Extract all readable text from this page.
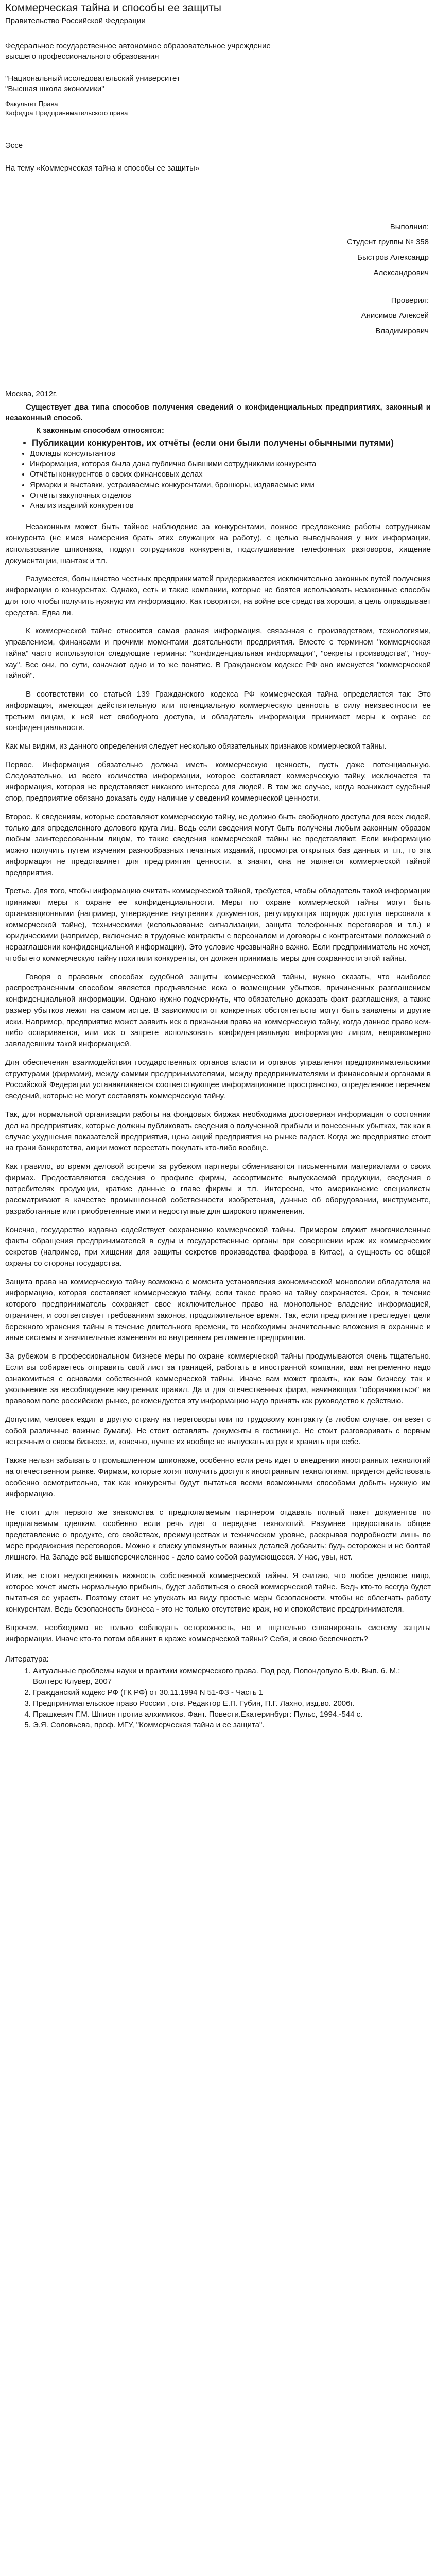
Коммерческая тайна и способы ее защиты

Правительство Российской Федерации

Федеральное государственное автономное образовательное учреждение

высшего профессионального образования

"Национальный исследовательский университет

"Высшая школа экономики"

Факультет Права

Кафедра Предпринимательского права

Эссе

На тему «Коммерческая тайна и способы ее защиты»

Выполнил:

Студент группы № 358

Быстров Александр

Александрович

Проверил:

Анисимов Алексей

Владимирович

Москва, 2012г.

Существует два типа способов получения сведений о конфиденциальных предприятиях, законный и незаконный способ.

К законным способам относятся:

• Публикации конкурентов, их отчёты (если они были получены обычными путями)
• Доклады консультантов
• Информация, которая была дана публично бывшими сотрудниками конкурента
• Отчёты конкурентов о своих финансовых делах
• Ярмарки и выставки, устраиваемые конкурентами, брошюры, издаваемые ими
• Отчёты закупочных отделов
• Анализ изделий конкурентов

Незаконным может быть тайное наблюдение за конкурентами, ложное предложение работы сотрудникам конкурента (не имея намерения брать этих служащих на работу), с целью выведывания у них информации, использование шпионажа, подкуп сотрудников конкурента, подслушивание телефонных разговоров, хищение документации, шантаж и т.п.

Разумеется, большинство честных предприниматей придерживается исключительно законных путей получения информации о конкурентах. Однако, есть и такие компании, которые не боятся использовать незаконные способы для того чтобы получить нужную им информацию. Как говорится, на войне все средства хороши, а цель оправдывает средства. Едва ли.

К коммерческой тайне относится самая разная информация, связанная с производством, технологиями, управлением, финансами и прочими моментами деятельности предприятия. Вместе с термином "коммерческая тайна" часто используются следующие термины: "конфиденциальная информация", "секреты производства", "ноу-хау". Все они, по сути, означают одно и то же понятие. В Гражданском кодексе РФ оно именуется "коммерческой тайной".

В соответствии со статьей 139 Гражданского кодекса РФ коммерческая тайна определяется так: Это информация, имеющая действительную или потенциальную коммерческую ценность в силу неизвестности ее третьим лицам, к ней нет свободного доступа, и обладатель информации принимает меры к охране ее конфиденциальности.

Как мы видим, из данного определения следует несколько обязательных признаков коммерческой тайны.

Первое. Информация обязательно должна иметь коммерческую ценность, пусть даже потенциальную. Следовательно, из всего количества информации, которое составляет коммерческую тайну, исключается та информация, которая не представляет никакого интереса для людей. В том же случае, когда возникает судебный спор, предприятие обязано доказать суду наличие у сведений коммерческой ценности.

Второе. К сведениям, которые составляют коммерческую тайну, не должно быть свободного доступа для всех людей, только для определенного делового круга лиц. Ведь если сведения могут быть получены любым законным образом любым заинтересованным лицом, то такие сведения коммерческой тайны не представляют. Если информацию можно получить путем изучения разнообразных печатных изданий, просмотра открытых баз данных и т.п., то эта информация не представляет для предприятия ценности, а значит, она не является коммерческой тайной предприятия.

Третье. Для того, чтобы информацию считать коммерческой тайной, требуется, чтобы обладатель такой информации принимал меры к охране ее конфиденциальности. Меры по охране коммерческой тайны могут быть организационными (например, утверждение внутренних документов, регулирующих порядок доступа персонала к коммерческой тайне), техническими (использование сигнализации, защита телефонных переговоров и т.п.) и юридическими (например, включение в трудовые контракты с персоналом и договоры с контрагентами положений о неразглашении конфиденциальной информации). Это условие чрезвычайно важно. Если предприниматель не хочет, чтобы его коммерческую тайну похитили конкуренты, он должен принимать меры для сохранности этой тайны.

Говоря о правовых способах судебной защиты коммерческой тайны, нужно сказать, что наиболее распространенным способом является предъявление иска о возмещении убытков, причиненных разглашением конфиденциальной информации. Однако нужно подчеркнуть, что обязательно доказать факт разглашения, а также размер убытков лежит на самом истце. В зависимости от конкретных обстоятельств могут быть заявлены и другие иски. Например, предприятие может заявить иск о признании права на коммерческую тайну, когда данное право кем-либо оспаривается, или иск о запрете использовать конфиденциальную информацию лицом, неправомерно завладевшим такой информацией.

Для обеспечения взаимодействия государственных органов власти и органов управления предпринимательскими структурами (фирмами), между самими предпринимателями, между предпринимателями и финансовыми органами в Российской Федерации устанавливается соответствующее информационное пространство, определенное перечнем сведений, которые не могут составлять коммерческую тайну.

Так, для нормальной организации работы на фондовых биржах необходима достоверная информация о состоянии дел на предприятиях, которые должны публиковать сведения о полученной прибыли и понесенных убытках, так как в случае ухудшения показателей предприятия, цена акций предприятия на рынке падает. Когда же предприятие стоит на грани банкротства, акции может перестать покупать кто-либо вообще.

Как правило, во время деловой встречи за рубежом партнеры обмениваются письменными материалами о своих фирмах. Предоставляются сведения о профиле фирмы, ассортименте выпускаемой продукции, сведения о потребителях продукции, краткие данные о главе фирмы и т.п. Интересно, что американские специалисты рассматривают в качестве промышленной собственности изобретения, данные об оборудовании, инструменте, разработанные или приобретенные ими и недоступные для широкого применения.

Конечно, государство издавна содействует сохранению коммерческой тайны. Примером служит многочисленные факты обращения предпринимателей в суды и государственные органы при совершении краж их коммерческих секретов (например, при хищении для защиты секретов производства фарфора в Китае), а сущность ее общей охраны со стороны государства.

Защита права на коммерческую тайну возможна с момента установления экономической монополии обладателя на информацию, которая составляет коммерческую тайну, если такое право на тайну сохраняется. Срок, в течение которого предприниматель сохраняет свое исключительное право на монопольное владение информацией, ограничен, и соответствует требованиям законов, продолжительное время. Так, если предприятие преследует цели бережного хранения тайны в течение длительного времени, то необходимы значительные вложения в охранные и иные системы и значительные изменения во внутреннем регламенте предприятия.

За рубежом в профессиональном бизнесе меры по охране коммерческой тайны продумываются очень тщательно. Если вы собираетесь отправить свой лист за границей, работать в иностранной компании, вам непременно надо ознакомиться с основами собственной коммерческой тайны. Иначе вам может грозить, как вам бизнесу, так и увольнение за несоблюдение внутренних правил. Да и для отечественных фирм, начинающих "оборачиваться" на правовом поле российском рынке, рекомендуется эту информацию надо принять как руководство к действию.

Допустим, человек ездит в другую страну на переговоры или по трудовому контракту (в любом случае, он везет с собой различные важные бумаги). Не стоит оставлять документы в гостинице. Не стоит разговаривать с первым встречным о своем бизнесе, и, конечно, лучше их вообще не выпускать из рук и хранить при себе.

Также нельзя забывать о промышленном шпионаже, особенно если речь идет о внедрении иностранных технологий на отечественном рынке. Фирмам, которые хотят получить доступ к иностранным технологиям, придется действовать особенно осмотрительно, так как конкуренты будут пытаться всеми возможными способами добыть нужную им информацию.

Не стоит для первого же знакомства с предполагаемым партнером отдавать полный пакет документов по предлагаемым сделкам, особенно если речь идет о передаче технологий. Разумнее предоставить общее представление о продукте, его свойствах, преимуществах и техническом уровне, раскрывая подробности лишь по мере продвижения переговоров. Можно к списку упомянутых важных деталей добавить: будь осторожен и не болтай лишнего. На Западе всё вышеперечисленное - дело само собой разумеющееся. У нас, увы, нет.

Итак, не стоит недооценивать важность собственной коммерческой тайны. Я считаю, что любое деловое лицо, которое хочет иметь нормальную прибыль, будет заботиться о своей коммерческой тайне. Ведь кто-то всегда будет пытаться ее украсть. Поэтому стоит не упускать из виду простые меры безопасности, чтобы не облегчать работу конкурентам. Ведь безопасность бизнеса - это не только отсутствие краж, но и спокойствие предпринимателя.

Впрочем, необходимо не только соблюдать осторожность, но и тщательно спланировать систему защиты информации. Иначе кто-то потом обвинит в краже коммерческой тайны? Себя, и свою беспечность?

Литература:

1. Актуальные проблемы науки и практики коммерческого права. Под ред. Попондопуло В.Ф. Вып. 6. М.: Волтерс Клувер, 2007
2. Гражданский кодекс РФ (ГК РФ) от 30.11.1994 N 51-ФЗ - Часть 1
3. Предпринимательское право России , отв. Редактор Е.П. Губин, П.Г. Лахно, изд.во. 2006г.
4. Прашкевич Г.М. Шпион против алхимиков. Фант. Повести.Екатеринбург: Пульс, 1994.-544 с.
5. Э.Я. Соловьева, проф. МГУ, "Коммерческая тайна и ее защита".
